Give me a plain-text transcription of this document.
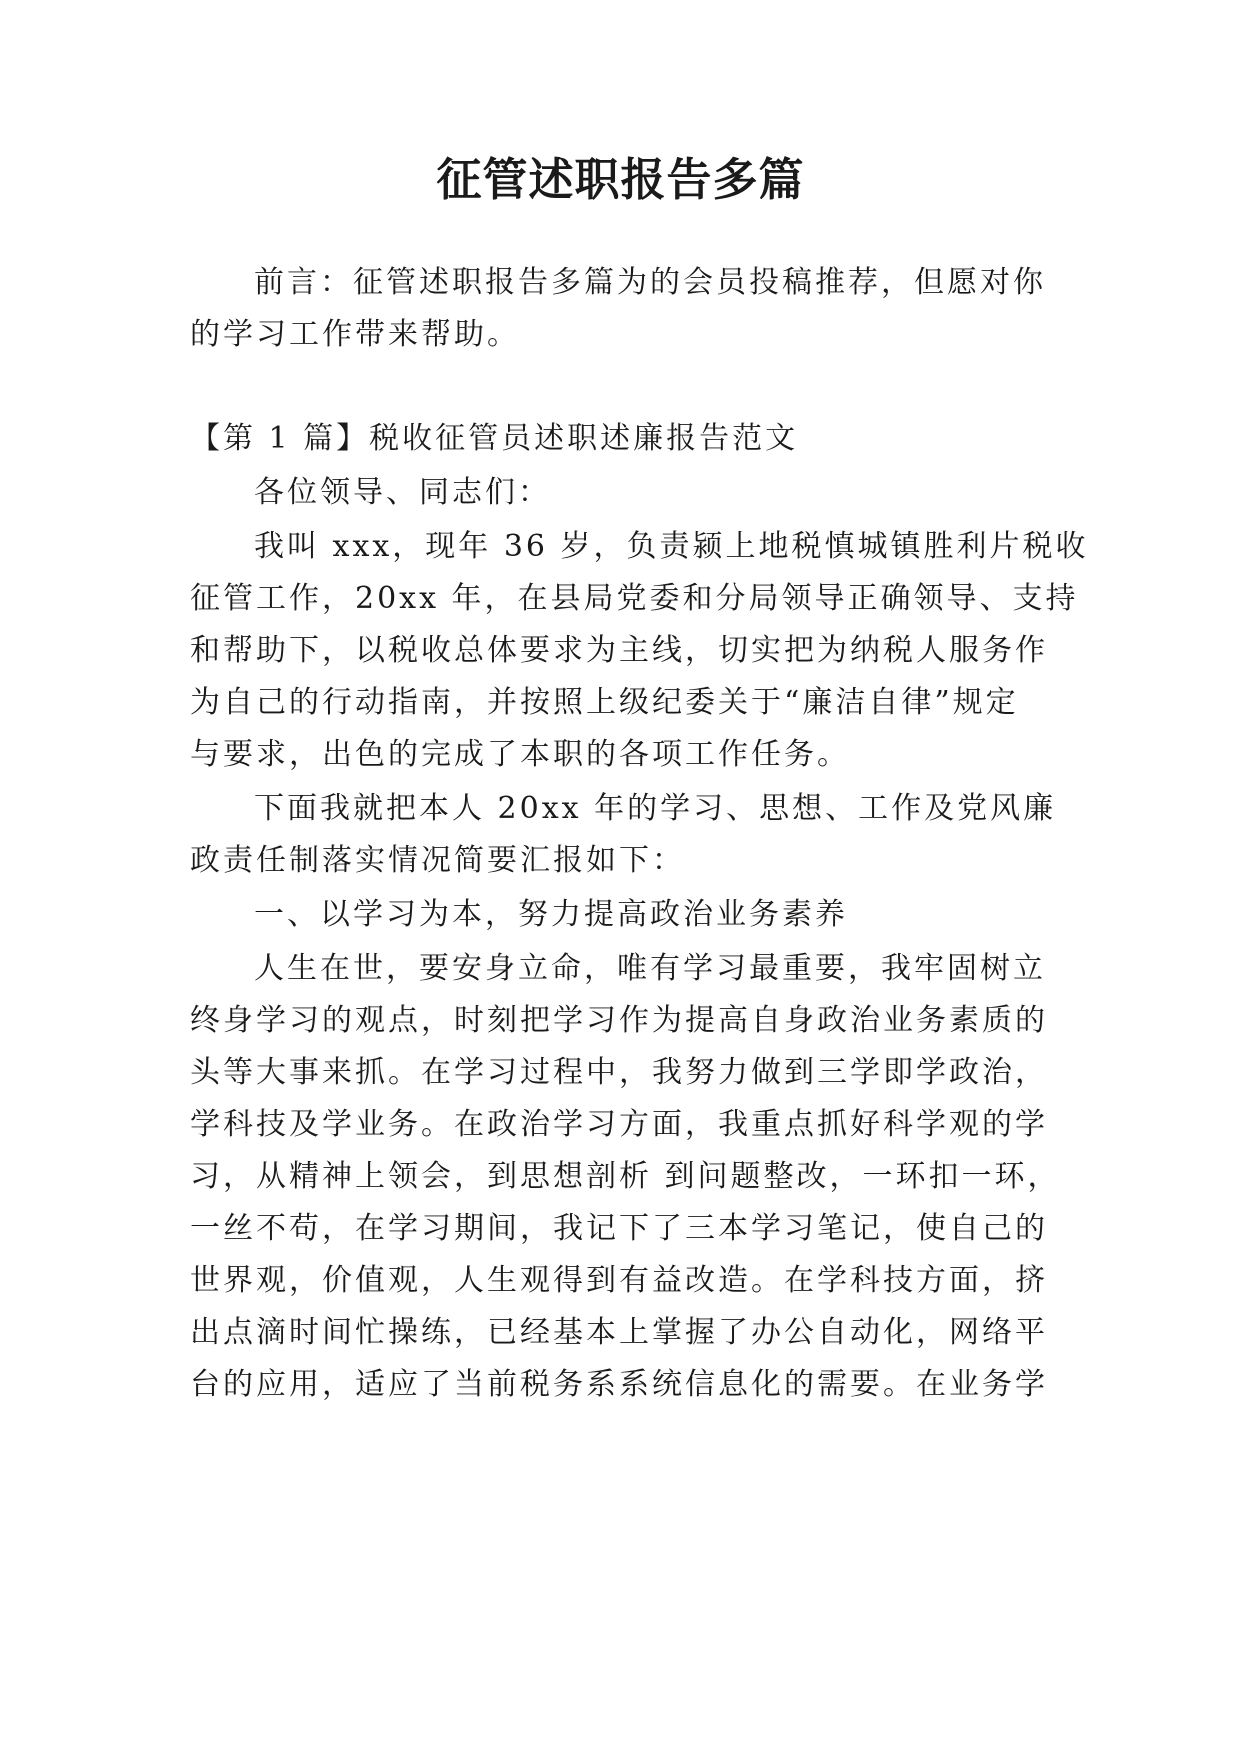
征管述职报告多篇

前言：征管述职报告多篇为的会员投稿推荐，但愿对你

的学习工作带来帮助。

【第 1 篇】税收征管员述职述廉报告范文

各位领导、同志们：

我叫 xxx，现年 36 岁，负责颍上地税慎城镇胜利片税收

征管工作，20xx 年，在县局党委和分局领导正确领导、支持

和帮助下，以税收总体要求为主线，切实把为纳税人服务作

为自己的行动指南，并按照上级纪委关于“廉洁自律”规定

与要求，出色的完成了本职的各项工作任务。

下面我就把本人 20xx 年的学习、思想、工作及党风廉

政责任制落实情况简要汇报如下：

一、以学习为本，努力提高政治业务素养

人生在世，要安身立命，唯有学习最重要，我牢固树立

终身学习的观点，时刻把学习作为提高自身政治业务素质的

头等大事来抓。在学习过程中，我努力做到三学即学政治，

学科技及学业务。在政治学习方面，我重点抓好科学观的学

习，从精神上领会，到思想剖析 到问题整改，一环扣一环，

一丝不苟，在学习期间，我记下了三本学习笔记，使自己的

世界观，价值观，人生观得到有益改造。在学科技方面，挤

出点滴时间忙操练，已经基本上掌握了办公自动化，网络平

台的应用，适应了当前税务系系统信息化的需要。在业务学
